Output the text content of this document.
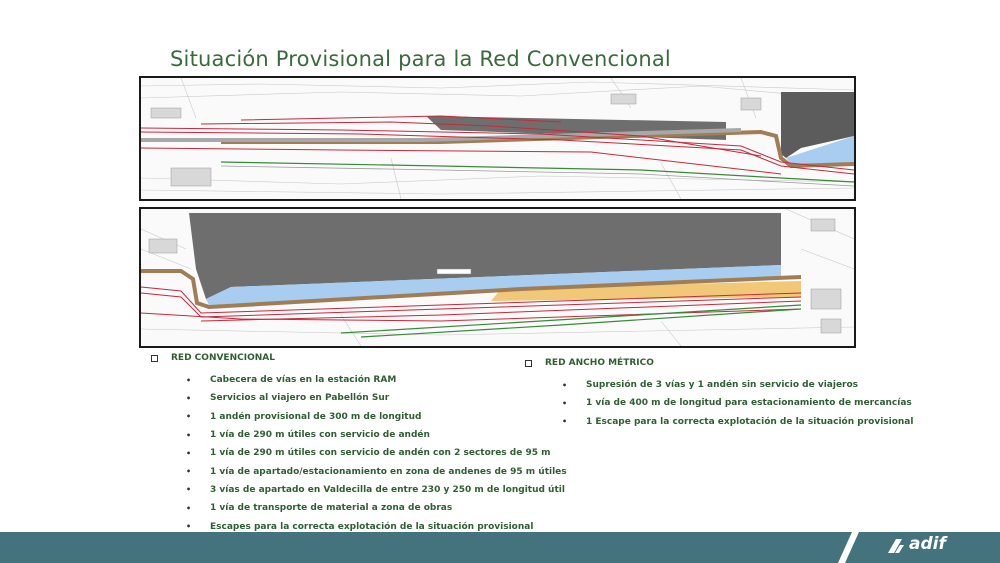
Situación Provisional para la Red Convencional
RED CONVENCIONAL
•	Cabecera de vías en la estación RAM
•	Servicios al viajero en Pabellón Sur
•	1 andén provisional de 300 m de longitud
•	1 vía de 290 m útiles con servicio de andén
•	1 vía de 290 m útiles con servicio de andén con 2 sectores de 95 m
•	1 vía de apartado/estacionamiento en zona de andenes de 95 m útiles
•	3 vías de apartado en Valdecilla de entre 230 y 250 m de longitud útil
•	1 vía de transporte de material a zona de obras
•	Escapes para la correcta explotación de la situación provisional
RED ANCHO MÉTRICO
•	Supresión de 3 vías y 1 andén sin servicio de viajeros
•	1 vía de 400 m de longitud para estacionamiento de mercancías
•	1 Escape para la correcta explotación de la situación provisional
adif
